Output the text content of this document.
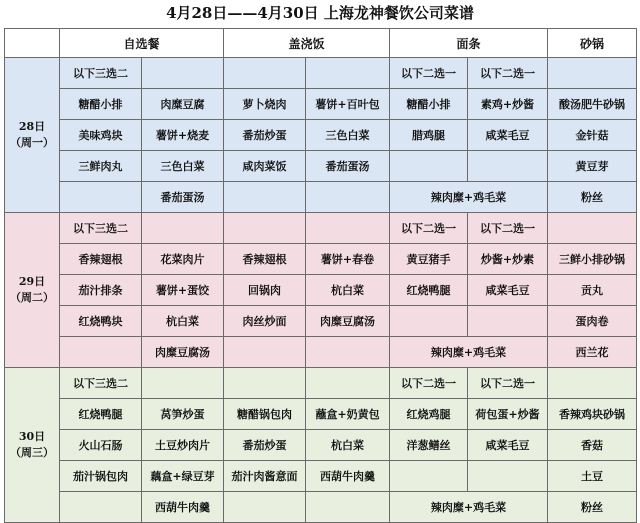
4月28日——4月30日 上海龙神餐饮公司菜谱
	自选餐		盖浇饭		面条		砂锅

28日
（周一）	以下三选二				以下二选一	以下二选一	
	糖醋小排	肉糜豆腐	萝卜烧肉	薯饼+百叶包	糖醋小排	素鸡+炒酱	酸汤肥牛砂锅
	美味鸡块	薯饼+烧麦	番茄炒蛋	三色白菜	腊鸡腿	咸菜毛豆	金针菇
	三鲜肉丸	三色白菜	咸肉菜饭	番茄蛋汤			黄豆芽
		番茄蛋汤			辣肉糜+鸡毛菜		粉丝

29日
（周二）	以下三选二				以下二选一	以下二选一	
	香辣翅根	花菜肉片	香辣翅根	薯饼+春卷	黄豆猪手	炒酱+炒素	三鲜小排砂锅
	茄汁排条	薯饼+蛋饺	回锅肉	杭白菜	红烧鸭腿	咸菜毛豆	贡丸
	红烧鸭块	杭白菜	肉丝炒面	肉糜豆腐汤			蛋肉卷
		肉糜豆腐汤			辣肉糜+鸡毛菜		西兰花

30日
（周三）	以下三选二				以下二选一	以下二选一	
	红烧鸭腿	莴笋炒蛋	糖醋锅包肉	蘸盒+奶黄包	红烧鸡腿	荷包蛋+炒酱	香辣鸡块砂锅
	火山石肠	土豆炒肉片	番茄炒蛋	杭白菜	洋葱鳝丝	咸菜毛豆	香菇
	茄汁锅包肉	藕盒+绿豆芽	茄汁肉酱意面	西葫牛肉羹			土豆
		西葫牛肉羹			辣肉糜+鸡毛菜		粉丝
